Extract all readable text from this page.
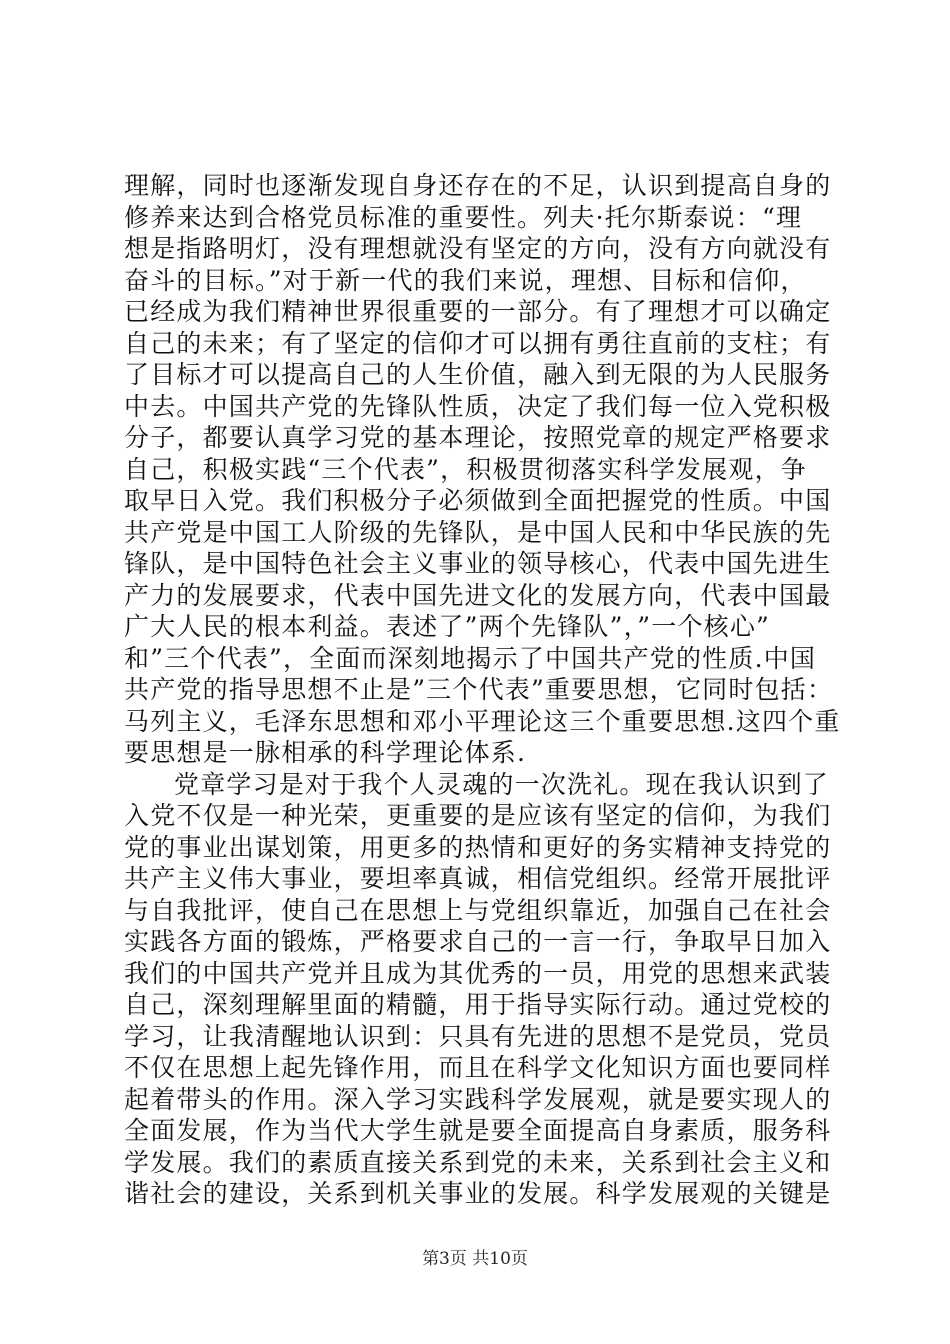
理解，同时也逐渐发现自身还存在的不足，认识到提高自身的
修养来达到合格党员标准的重要性。列夫·托尔斯泰说：“理
想是指路明灯，没有理想就没有坚定的方向，没有方向就没有
奋斗的目标。”对于新一代的我们来说，理想、目标和信仰，
已经成为我们精神世界很重要的一部分。有了理想才可以确定
自己的未来；有了坚定的信仰才可以拥有勇往直前的支柱；有
了目标才可以提高自己的人生价值，融入到无限的为人民服务
中去。中国共产党的先锋队性质，决定了我们每一位入党积极
分子，都要认真学习党的基本理论，按照党章的规定严格要求
自己，积极实践“三个代表”，积极贯彻落实科学发展观，争
取早日入党。我们积极分子必须做到全面把握党的性质。中国
共产党是中国工人阶级的先锋队，是中国人民和中华民族的先
锋队，是中国特色社会主义事业的领导核心，代表中国先进生
产力的发展要求，代表中国先进文化的发展方向，代表中国最
广大人民的根本利益。表述了”两个先锋队”，”一个核心”
和”三个代表”，全面而深刻地揭示了中国共产党的性质.中国
共产党的指导思想不止是”三个代表”重要思想，它同时包括：
马列主义，毛泽东思想和邓小平理论这三个重要思想.这四个重
要思想是一脉相承的科学理论体系.
党章学习是对于我个人灵魂的一次洗礼。现在我认识到了
入党不仅是一种光荣，更重要的是应该有坚定的信仰，为我们
党的事业出谋划策，用更多的热情和更好的务实精神支持党的
共产主义伟大事业，要坦率真诚，相信党组织。经常开展批评
与自我批评，使自己在思想上与党组织靠近，加强自己在社会
实践各方面的锻炼，严格要求自己的一言一行，争取早日加入
我们的中国共产党并且成为其优秀的一员，用党的思想来武装
自己，深刻理解里面的精髓，用于指导实际行动。通过党校的
学习，让我清醒地认识到：只具有先进的思想不是党员，党员
不仅在思想上起先锋作用，而且在科学文化知识方面也要同样
起着带头的作用。深入学习实践科学发展观，就是要实现人的
全面发展，作为当代大学生就是要全面提高自身素质，服务科
学发展。我们的素质直接关系到党的未来，关系到社会主义和
谐社会的建设，关系到机关事业的发展。科学发展观的关键是
第3页 共10页
